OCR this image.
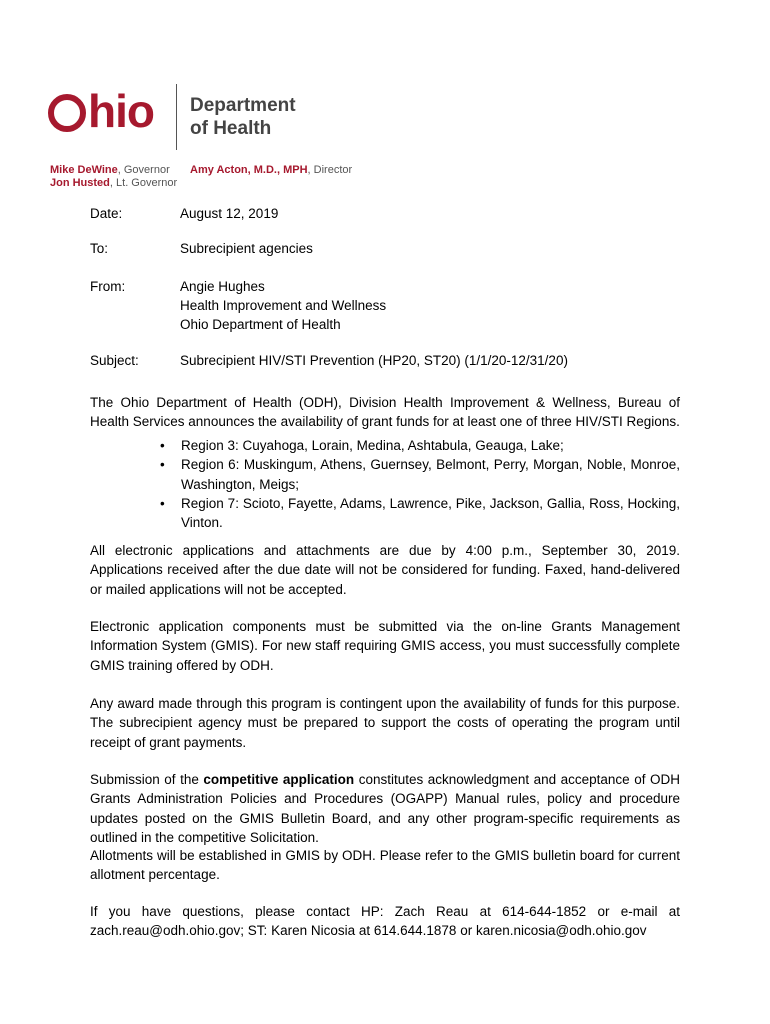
hio Department
of Health
Mike DeWine, Governor
Jon Husted, Lt. Governor
Amy Acton, M.D., MPH, Director
Date:	August 12, 2019
To:	Subrecipient agencies
From:	Angie Hughes
Health Improvement and Wellness
Ohio Department of Health
Subject:	Subrecipient HIV/STI Prevention (HP20, ST20) (1/1/20-12/31/20)
The Ohio Department of Health (ODH), Division Health Improvement & Wellness, Bureau of Health Services announces the availability of grant funds for at least one of three HIV/STI Regions.
• Region 3: Cuyahoga, Lorain, Medina, Ashtabula, Geauga, Lake;
• Region 6: Muskingum, Athens, Guernsey, Belmont, Perry, Morgan, Noble, Monroe, Washington, Meigs;
• Region 7: Scioto, Fayette, Adams, Lawrence, Pike, Jackson, Gallia, Ross, Hocking, Vinton.
All electronic applications and attachments are due by 4:00 p.m., September 30, 2019. Applications received after the due date will not be considered for funding. Faxed, hand-delivered or mailed applications will not be accepted.
Electronic application components must be submitted via the on-line Grants Management Information System (GMIS). For new staff requiring GMIS access, you must successfully complete GMIS training offered by ODH.
Any award made through this program is contingent upon the availability of funds for this purpose. The subrecipient agency must be prepared to support the costs of operating the program until receipt of grant payments.
Submission of the competitive application constitutes acknowledgment and acceptance of ODH Grants Administration Policies and Procedures (OGAPP) Manual rules, policy and procedure updates posted on the GMIS Bulletin Board, and any other program-specific requirements as outlined in the competitive Solicitation.
Allotments will be established in GMIS by ODH. Please refer to the GMIS bulletin board for current allotment percentage.
If you have questions, please contact HP: Zach Reau at 614-644-1852 or e-mail at zach.reau@odh.ohio.gov; ST: Karen Nicosia at 614.644.1878 or karen.nicosia@odh.ohio.gov
